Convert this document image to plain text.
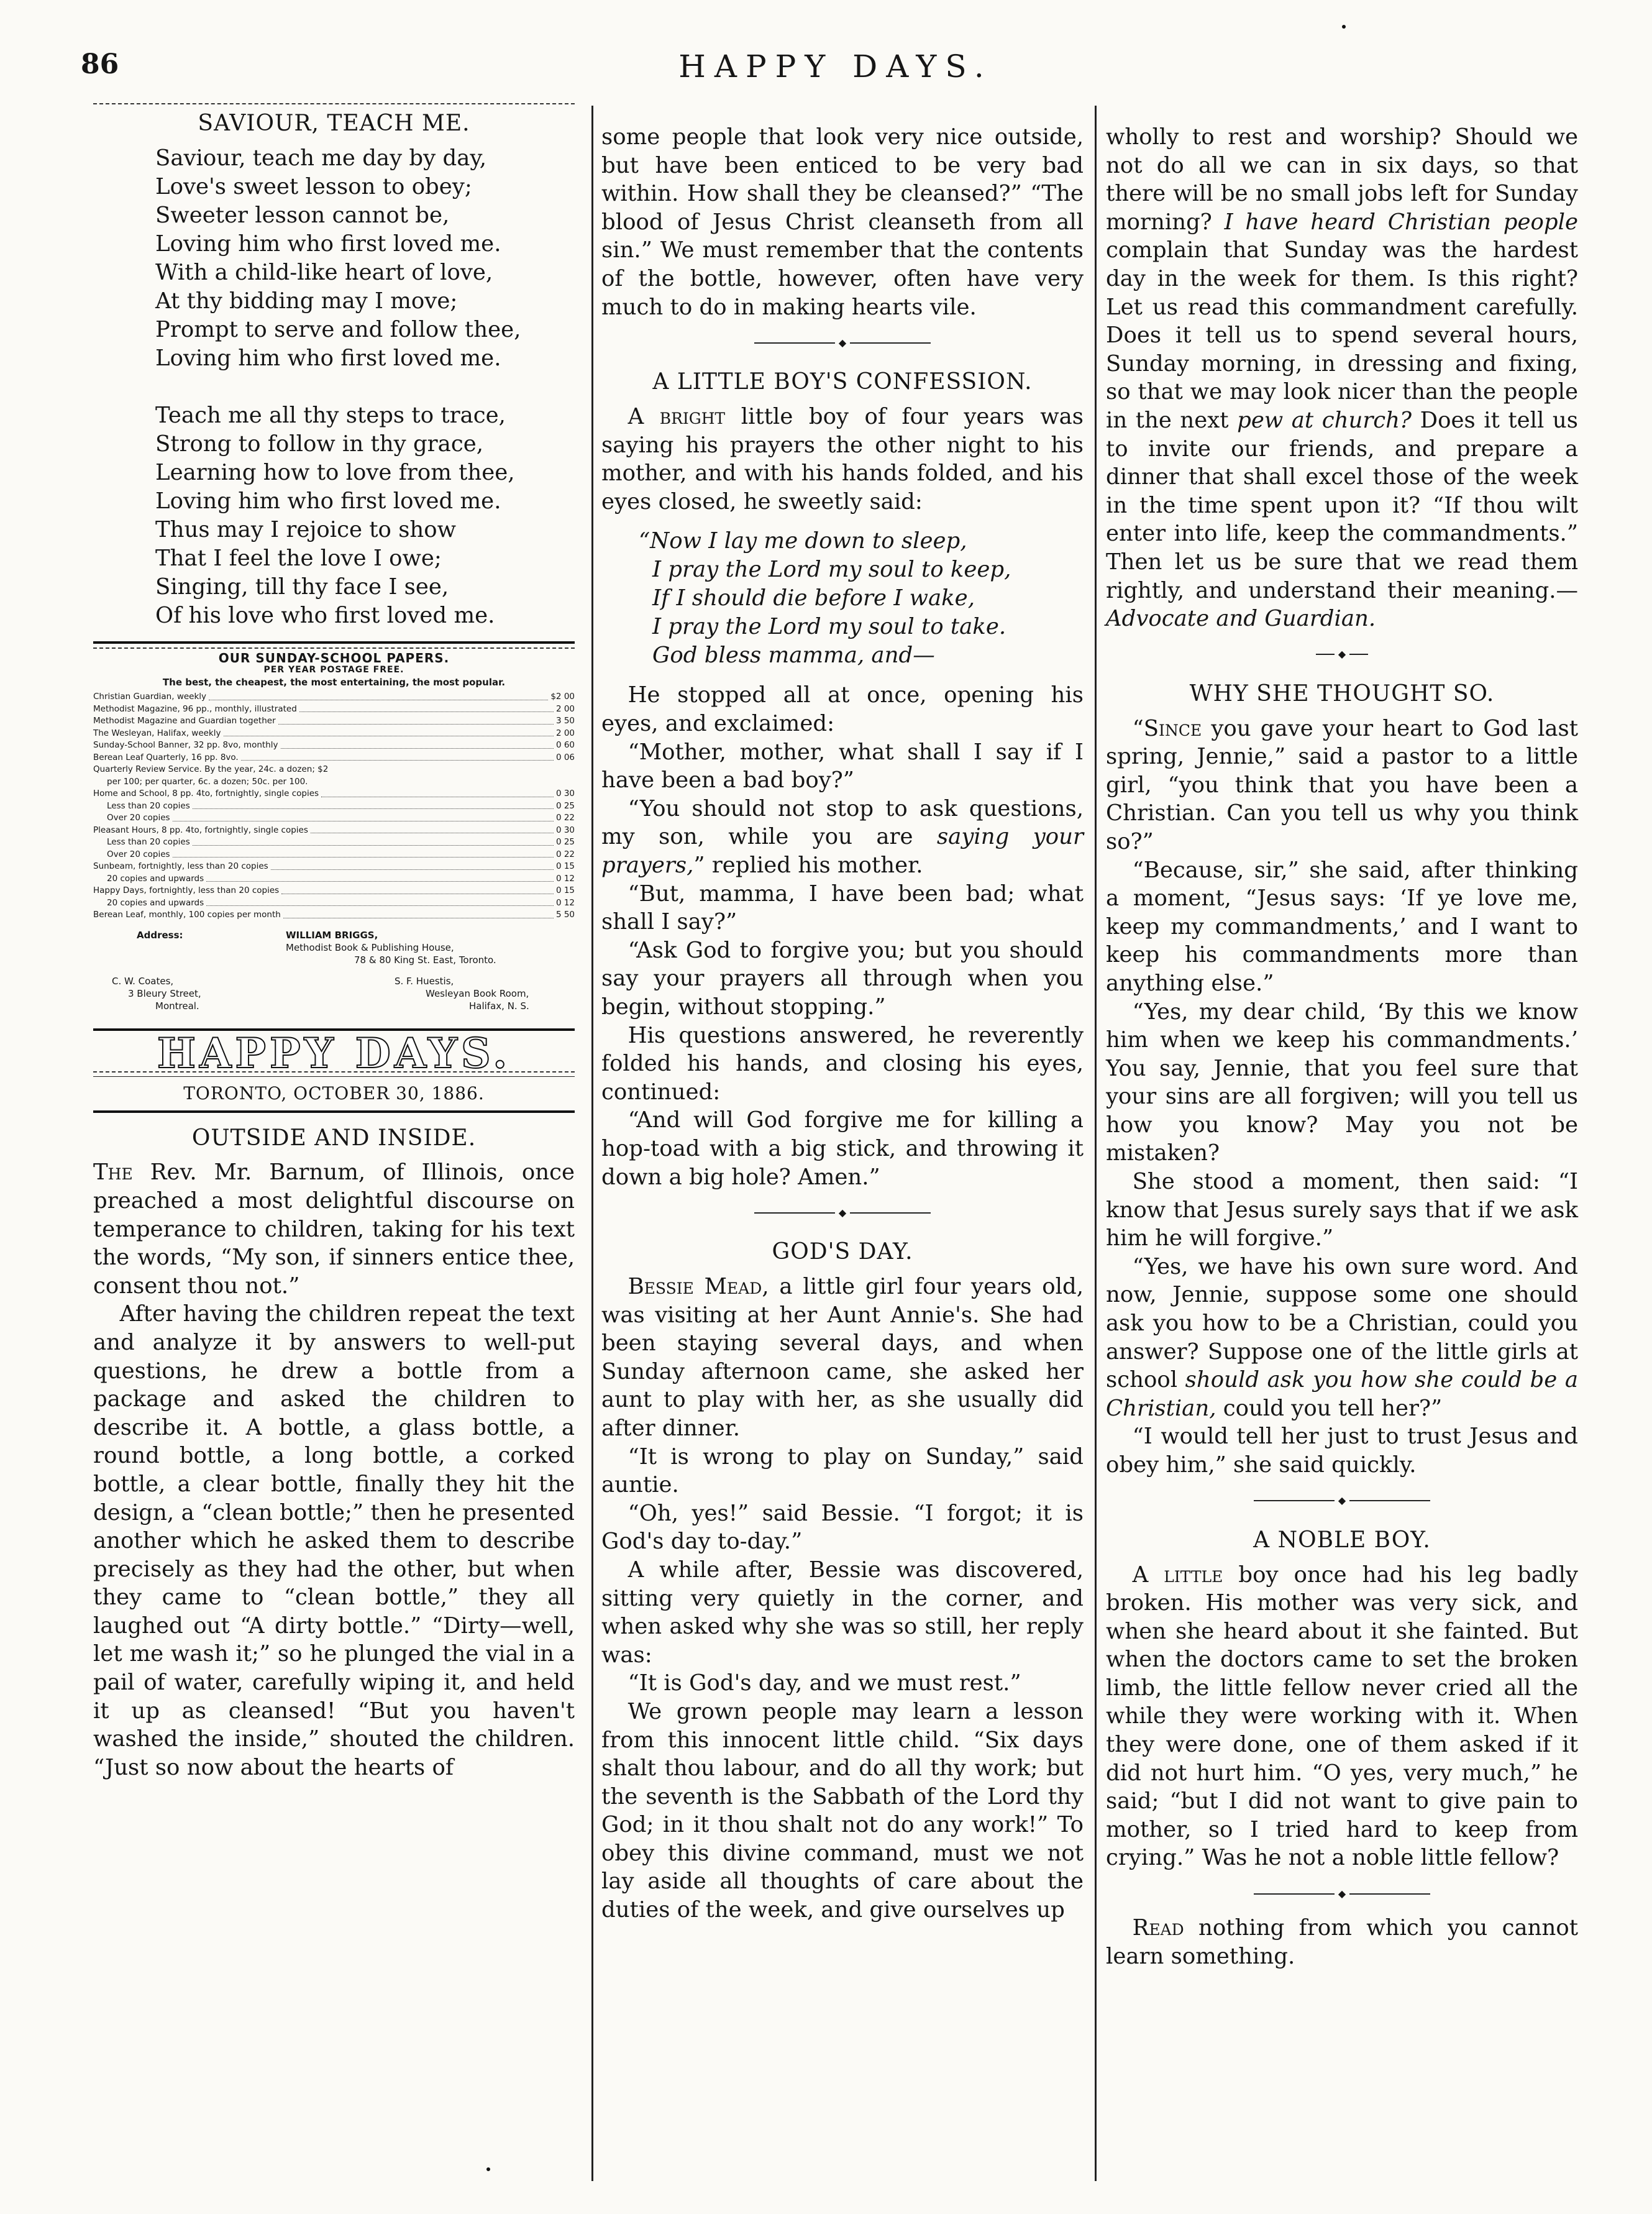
86	HAPPY DAYS.
SAVIOUR, TEACH ME.
Saviour, teach me day by day,
Love's sweet lesson to obey;
Sweeter lesson cannot be,
Loving him who first loved me.
With a child-like heart of love,
At thy bidding may I move;
Prompt to serve and follow thee,
Loving him who first loved me.
Teach me all thy steps to trace,
Strong to follow in thy grace,
Learning how to love from thee,
Loving him who first loved me.
Thus may I rejoice to show
That I feel the love I owe;
Singing, till thy face I see,
Of his love who first loved me.
OUR SUNDAY-SCHOOL PAPERS.
PER YEAR POSTAGE FREE.
The best, the cheapest, the most entertaining, the most popular.
Christian Guardian, weekly	$2 00
Methodist Magazine, 96 pp., monthly, illustrated	2 00
Methodist Magazine and Guardian together	3 50
The Wesleyan, Halifax, weekly	2 00
Sunday-School Banner, 32 pp. 8vo, monthly	0 60
Berean Leaf Quarterly, 16 pp. 8vo.	0 06
Quarterly Review Service. By the year, 24c. a dozen; $2
per 100; per quarter, 6c. a dozen; 50c. per 100.
Home and School, 8 pp. 4to, fortnightly, single copies	0 30
Less than 20 copies	0 25
Over 20 copies	0 22
Pleasant Hours, 8 pp. 4to, fortnightly, single copies	0 30
Less than 20 copies	0 25
Over 20 copies	0 22
Sunbeam, fortnightly, less than 20 copies	0 15
20 copies and upwards	0 12
Happy Days, fortnightly, less than 20 copies	0 15
20 copies and upwards	0 12
Berean Leaf, monthly, 100 copies per month	5 50
Address:	WILLIAM BRIGGS,
Methodist Book & Publishing House,
78 & 80 King St. East, Toronto.
C. W. Coates,
3 Bleury Street,
Montreal.
S. F. Huestis,
Wesleyan Book Room,
Halifax, N. S.
HAPPY DAYS.
TORONTO, OCTOBER 30, 1886.
OUTSIDE AND INSIDE.

The Rev. Mr. Barnum, of Illinois, once preached a most delightful discourse on temperance to children, taking for his text the words, “My son, if sinners entice thee, consent thou not.”

After having the children repeat the text and analyze it by answers to well-put questions, he drew a bottle from a package and asked the children to describe it. A bottle, a glass bottle, a round bottle, a long bottle, a corked bottle, a clear bottle, finally they hit the design, a “clean bottle;” then he presented another which he asked them to describe precisely as they had the other, but when they came to “clean bottle,” they all laughed out “A dirty bottle.” “Dirty—well, let me wash it;” so he plunged the vial in a pail of water, carefully wiping it, and held it up as cleansed! “But you haven't washed the inside,” shouted the children. “Just so now about the hearts of

some people that look very nice outside, but have been enticed to be very bad within. How shall they be cleansed?” “The blood of Jesus Christ cleanseth from all sin.” We must remember that the contents of the bottle, however, often have very much to do in making hearts vile.

◆
A LITTLE BOY'S CONFESSION.

A bright little boy of four years was saying his prayers the other night to his mother, and with his hands folded, and his eyes closed, he sweetly said:

“Now I lay me down to sleep,
I pray the Lord my soul to keep,
If I should die before I wake,
I pray the Lord my soul to take.
God bless mamma, and—

He stopped all at once, opening his eyes, and exclaimed:

“Mother, mother, what shall I say if I have been a bad boy?”

“You should not stop to ask questions, my son, while you are saying your prayers,” replied his mother.

“But, mamma, I have been bad; what shall I say?”

“Ask God to forgive you; but you should say your prayers all through when you begin, without stopping.”

His questions answered, he reverently folded his hands, and closing his eyes, continued:

“And will God forgive me for killing a hop-toad with a big stick, and throwing it down a big hole? Amen.”

◆
GOD'S DAY.

Bessie Mead, a little girl four years old, was visiting at her Aunt Annie's. She had been staying several days, and when Sunday afternoon came, she asked her aunt to play with her, as she usually did after dinner.

“It is wrong to play on Sunday,” said auntie.

“Oh, yes!” said Bessie. “I forgot; it is God's day to-day.”

A while after, Bessie was discovered, sitting very quietly in the corner, and when asked why she was so still, her reply was:

“It is God's day, and we must rest.”

We grown people may learn a lesson from this innocent little child. “Six days shalt thou labour, and do all thy work; but the seventh is the Sabbath of the Lord thy God; in it thou shalt not do any work!” To obey this divine command, must we not lay aside all thoughts of care about the duties of the week, and give ourselves up

wholly to rest and worship? Should we not do all we can in six days, so that there will be no small jobs left for Sunday morning? I have heard Christian people complain that Sunday was the hardest day in the week for them. Is this right? Let us read this commandment carefully. Does it tell us to spend several hours, Sunday morning, in dressing and fixing, so that we may look nicer than the people in the next pew at church? Does it tell us to invite our friends, and prepare a dinner that shall excel those of the week in the time spent upon it? “If thou wilt enter into life, keep the commandments.” Then let us be sure that we read them rightly, and understand their meaning.—Advocate and Guardian.

◆
WHY SHE THOUGHT SO.

“Since you gave your heart to God last spring, Jennie,” said a pastor to a little girl, “you think that you have been a Christian. Can you tell us why you think so?”

“Because, sir,” she said, after thinking a moment, “Jesus says: ‘If ye love me, keep my commandments,’ and I want to keep his commandments more than anything else.”

“Yes, my dear child, ‘By this we know him when we keep his commandments.’ You say, Jennie, that you feel sure that your sins are all forgiven; will you tell us how you know? May you not be mistaken?

She stood a moment, then said: “I know that Jesus surely says that if we ask him he will forgive.”

“Yes, we have his own sure word. And now, Jennie, suppose some one should ask you how to be a Christian, could you answer? Suppose one of the little girls at school should ask you how she could be a Christian, could you tell her?”

“I would tell her just to trust Jesus and obey him,” she said quickly.

◆
A NOBLE BOY.

A little boy once had his leg badly broken. His mother was very sick, and when she heard about it she fainted. But when the doctors came to set the broken limb, the little fellow never cried all the while they were working with it. When they were done, one of them asked if it did not hurt him. “O yes, very much,” he said; “but I did not want to give pain to mother, so I tried hard to keep from crying.” Was he not a noble little fellow?

◆

Read nothing from which you cannot learn something.
